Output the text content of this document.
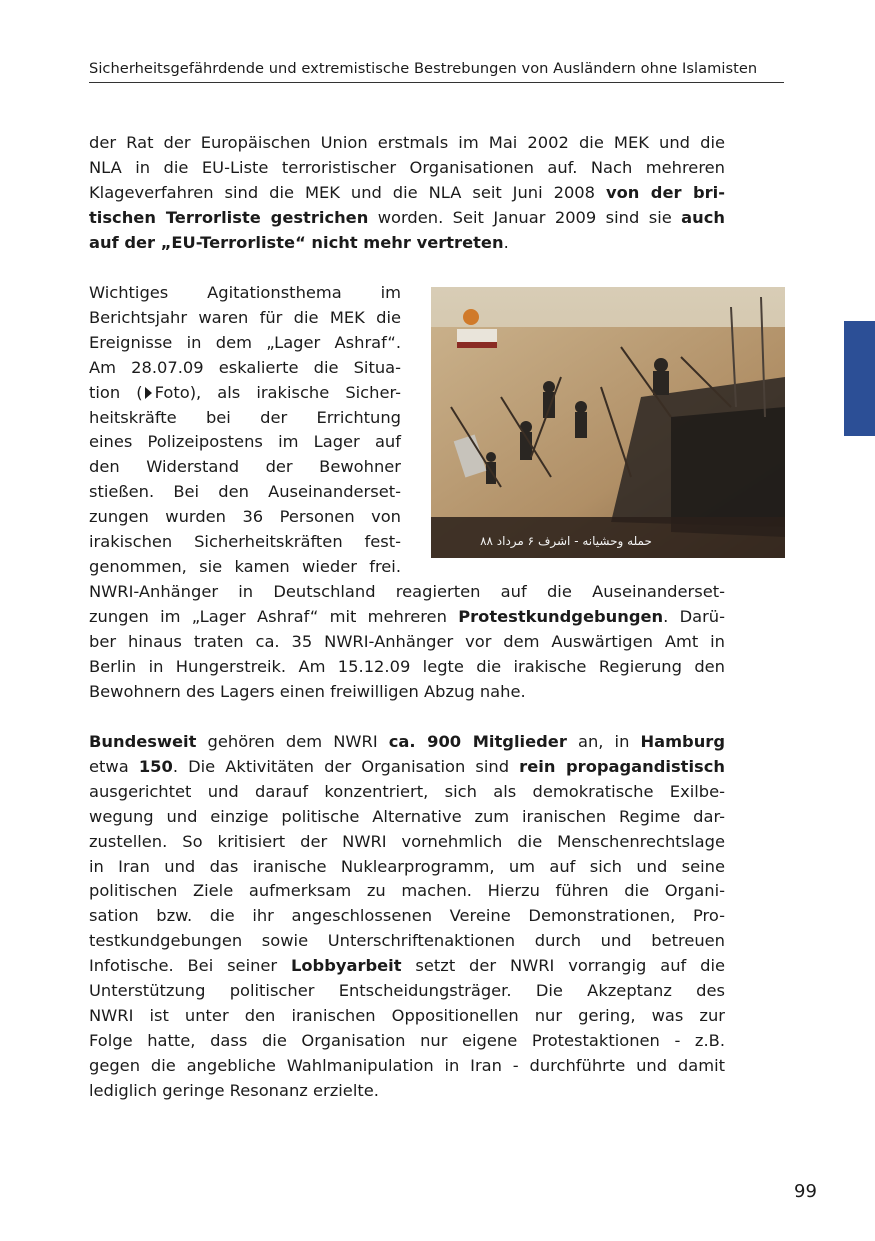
Sicherheitsgefährdende und extremistische Bestrebungen von Ausländern ohne Islamisten
der Rat der Europäischen Union erstmals im Mai 2002 die MEK und die
NLA in die EU-Liste terroristischer Organisationen auf. Nach mehreren
Klageverfahren sind die MEK und die NLA seit Juni 2008 von der bri-
tischen Terrorliste gestrichen worden. Seit Januar 2009 sind sie auch
auf der „EU-Terrorliste“ nicht mehr vertreten.
Wichtiges Agitationsthema im
Berichtsjahr waren für die MEK die
Ereignisse in dem „Lager Ashraf“.
Am 28.07.09 eskalierte die Situa-
tion ( Foto), als irakische Sicher-
heitskräfte bei der Errichtung
eines Polizeipostens im Lager auf
den Widerstand der Bewohner
stießen. Bei den Auseinanderset-
zungen wurden 36 Personen von
irakischen Sicherheitskräften fest-
genommen, sie kamen wieder frei.
حمله وحشیانه - اشرف ۶ مرداد ۸۸
NWRI-Anhänger in Deutschland reagierten auf die Auseinanderset-
zungen im „Lager Ashraf“ mit mehreren Protestkundgebungen. Darü-
ber hinaus traten ca. 35 NWRI-Anhänger vor dem Auswärtigen Amt in
Berlin in Hungerstreik. Am 15.12.09 legte die irakische Regierung den
Bewohnern des Lagers einen freiwilligen Abzug nahe.
Bundesweit gehören dem NWRI ca. 900 Mitglieder an, in Hamburg
etwa 150. Die Aktivitäten der Organisation sind rein propagandistisch
ausgerichtet und darauf konzentriert, sich als demokratische Exilbe-
wegung und einzige politische Alternative zum iranischen Regime dar-
zustellen. So kritisiert der NWRI vornehmlich die Menschenrechtslage
in Iran und das iranische Nuklearprogramm, um auf sich und seine
politischen Ziele aufmerksam zu machen. Hierzu führen die Organi-
sation bzw. die ihr angeschlossenen Vereine Demonstrationen, Pro-
testkundgebungen sowie Unterschriftenaktionen durch und betreuen
Infotische. Bei seiner Lobbyarbeit setzt der NWRI vorrangig auf die
Unterstützung politischer Entscheidungsträger. Die Akzeptanz des
NWRI ist unter den iranischen Oppositionellen nur gering, was zur
Folge hatte, dass die Organisation nur eigene Protestaktionen - z.B.
gegen die angebliche Wahlmanipulation in Iran - durchführte und damit
lediglich geringe Resonanz erzielte.
99
